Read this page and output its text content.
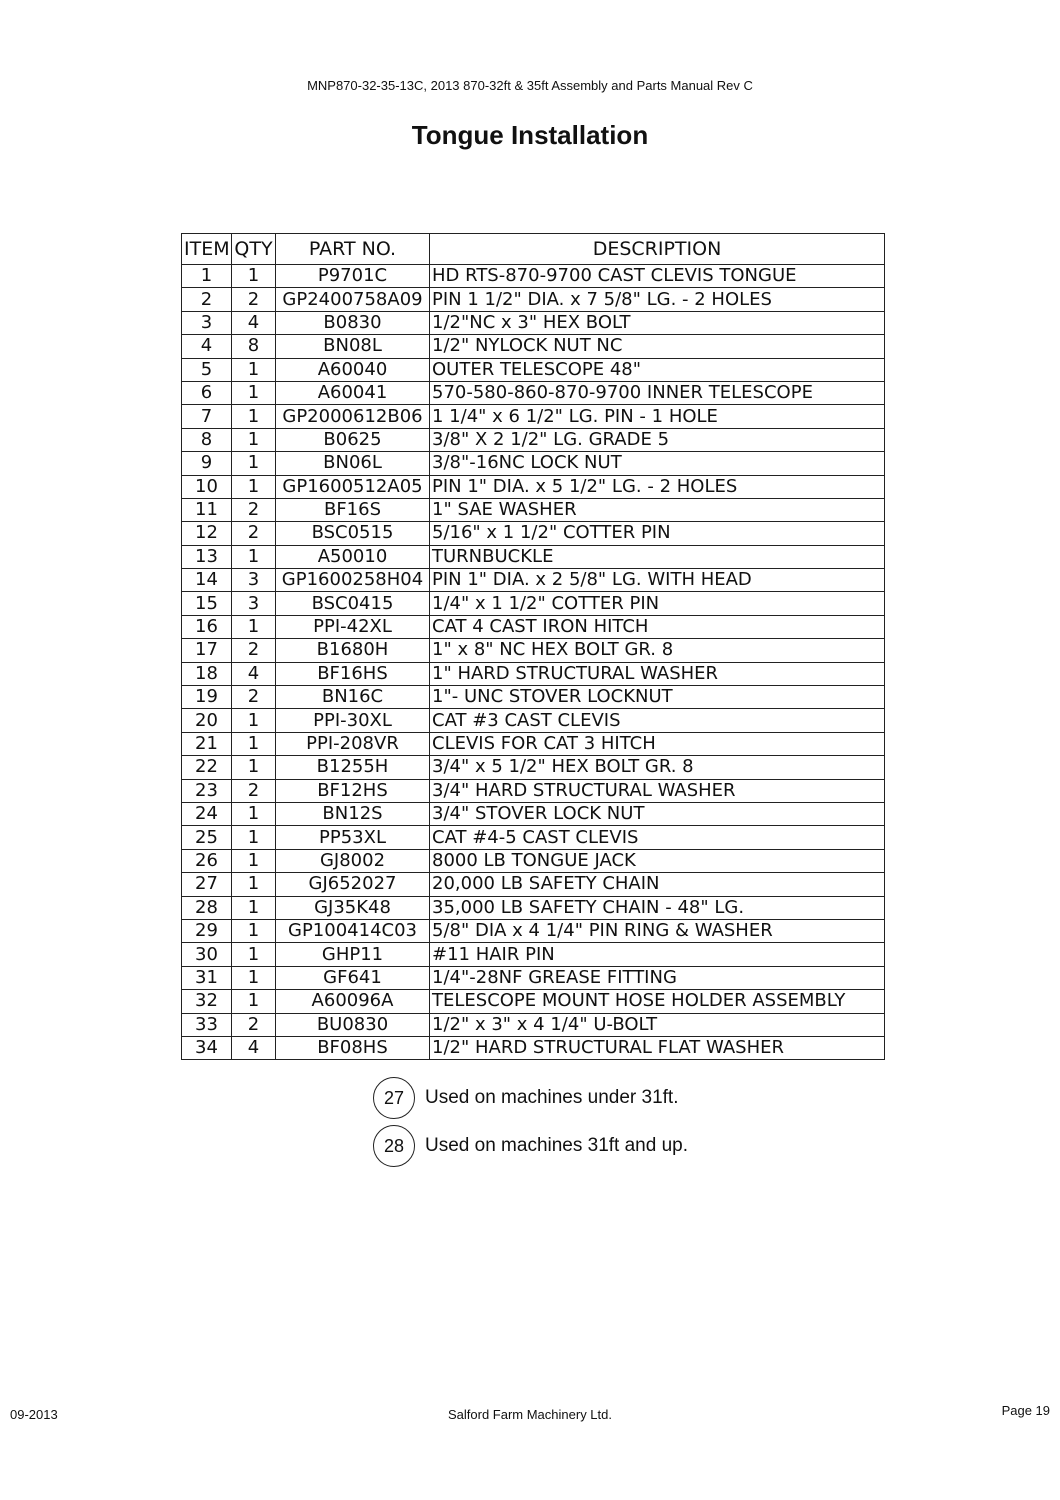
MNP870-32-35-13C, 2013 870-32ft & 35ft Assembly and Parts Manual Rev C
Tongue Installation
ITEM	QTY	PART NO.	DESCRIPTION
1	1	P9701C	HD RTS-870-9700 CAST CLEVIS TONGUE
2	2	GP2400758A09	PIN 1 1/2" DIA. x 7 5/8" LG. - 2 HOLES
3	4	B0830	1/2"NC x 3" HEX BOLT
4	8	BN08L	1/2" NYLOCK NUT NC
5	1	A60040	OUTER TELESCOPE 48"
6	1	A60041	570-580-860-870-9700 INNER TELESCOPE
7	1	GP2000612B06	1 1/4" x 6 1/2" LG. PIN - 1 HOLE
8	1	B0625	3/8" X 2 1/2" LG. GRADE 5
9	1	BN06L	3/8"-16NC LOCK NUT
10	1	GP1600512A05	PIN 1" DIA. x 5 1/2" LG. - 2 HOLES
11	2	BF16S	1" SAE WASHER
12	2	BSC0515	5/16" x 1 1/2" COTTER PIN
13	1	A50010	TURNBUCKLE
14	3	GP1600258H04	PIN 1" DIA. x 2 5/8" LG. WITH HEAD
15	3	BSC0415	1/4" x 1 1/2" COTTER PIN
16	1	PPI-42XL	CAT 4 CAST IRON HITCH
17	2	B1680H	1" x 8" NC HEX BOLT GR. 8
18	4	BF16HS	1" HARD STRUCTURAL WASHER
19	2	BN16C	1"- UNC STOVER LOCKNUT
20	1	PPI-30XL	CAT #3 CAST CLEVIS
21	1	PPI-208VR	CLEVIS FOR CAT 3 HITCH
22	1	B1255H	3/4" x 5 1/2" HEX BOLT GR. 8
23	2	BF12HS	3/4" HARD STRUCTURAL WASHER
24	1	BN12S	3/4" STOVER LOCK NUT
25	1	PP53XL	CAT #4-5 CAST CLEVIS
26	1	GJ8002	8000 LB TONGUE JACK
27	1	GJ652027	20,000 LB SAFETY CHAIN
28	1	GJ35K48	35,000 LB SAFETY CHAIN - 48" LG.
29	1	GP100414C03	5/8" DIA x 4 1/4" PIN RING & WASHER
30	1	GHP11	#11 HAIR PIN
31	1	GF641	1/4"-28NF GREASE FITTING
32	1	A60096A	TELESCOPE MOUNT HOSE HOLDER ASSEMBLY
33	2	BU0830	1/2" x 3" x 4 1/4" U-BOLT
34	4	BF08HS	1/2" HARD STRUCTURAL FLAT WASHER
27	Used on machines under 31ft.
28	Used on machines 31ft and up.
09-2013	Salford Farm Machinery Ltd.	Page 19
